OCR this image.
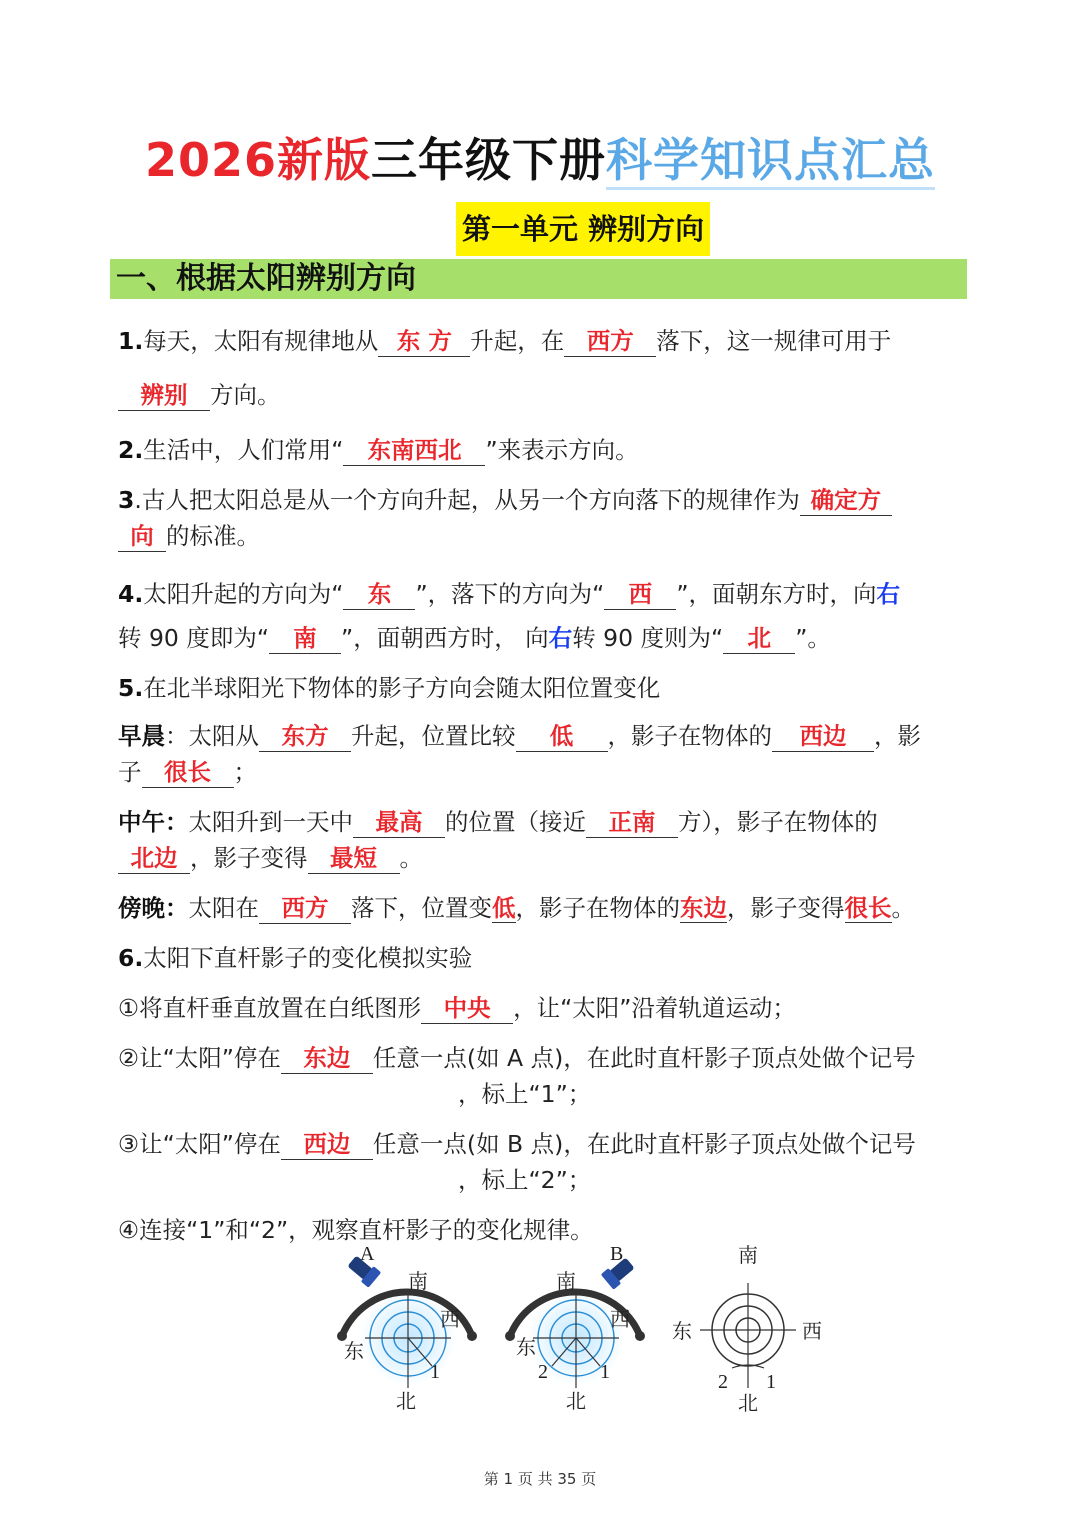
2026新版三年级下册科学知识点汇总
第一单元 辨别方向
一、根据太阳辨别方向

1.每天，太阳有规律地从 东 方 升起，在 西方 落下，这一规律可用于
辨别 方向。

2.生活中，人们常用“ 东南西北 ”来表示方向。

3.古人把太阳总是从一个方向升起，从另一个方向落下的规律作为 确定方
向 的标准。

4.太阳升起的方向为“ 东 ”，落下的方向为“ 西 ”，面朝东方时，向右
转 90 度即为“ 南 ”，面朝西方时， 向右转 90 度则为“ 北 ”。

5.在北半球阳光下物体的影子方向会随太阳位置变化

早晨：太阳从 东方 升起，位置比较 低 ，影子在物体的 西边 ，影
子 很长 ；

中午：太阳升到一天中 最高 的位置（接近 正南 方），影子在物体的
北边 ，影子变得 最短 。

傍晚：太阳在 西方 落下，位置变低，影子在物体的东边，影子变得很长。

6.太阳下直杆影子的变化模拟实验

①将直杆垂直放置在白纸图形 中央 ，让“太阳”沿着轨道运动；

②让“太阳”停在 东边 任意一点(如 A 点)，在此时直杆影子顶点处做个记号
，标上“1”；

③让“太阳”停在 西边 任意一点(如 B 点)，在此时直杆影子顶点处做个记号
，标上“2”；

④连接“1”和“2”，观察直杆影子的变化规律。

A
南
西
东
1
北
B
南
西
东
2	1
北
南
东	西
2 1
北
第 1 页 共 35 页
